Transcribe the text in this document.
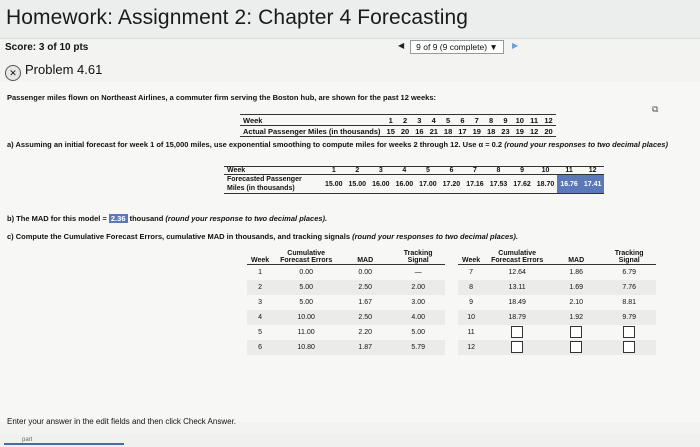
Homework: Assignment 2: Chapter 4 Forecasting
Score: 3 of 10 pts	◀	9 of 9 (9 complete) ▼	▶
✕ Problem 4.61
Passenger miles flown on Northeast Airlines, a commuter firm serving the Boston hub, are shown for the past 12 weeks:
⧉
Week	1	2	3	4	5	6	7	8	9	10	11	12
Actual Passenger Miles (in thousands)	15	20	16	21	18	17	19	18	23	19	12	20
a) Assuming an initial forecast for week 1 of 15,000 miles, use exponential smoothing to compute miles for weeks 2 through 12. Use α = 0.2 (round your responses to two decimal places)
Week	1	2	3	4	5	6	7	8	9	10	11	12
Forecasted Passenger Miles (in thousands)	15.00	15.00	16.00	16.00	17.00	17.20	17.16	17.53	17.62	18.70	16.76	17.41
b) The MAD for this model = 2.36 thousand (round your response to two decimal places).
c) Compute the Cumulative Forecast Errors, cumulative MAD in thousands, and tracking signals (round your responses to two decimal places).
Week	Cumulative Forecast Errors	MAD	Tracking Signal
1	0.00	0.00	—
2	5.00	2.50	2.00
3	5.00	1.67	3.00
4	10.00	2.50	4.00
5	11.00	2.20	5.00
6	10.80	1.87	5.79
Week	Cumulative Forecast Errors	MAD	Tracking Signal
7	12.64	1.86	6.79
8	13.11	1.69	7.76
9	18.49	2.10	8.81
10	18.79	1.92	9.79
11			
12			
Enter your answer in the edit fields and then click Check Answer.
part
